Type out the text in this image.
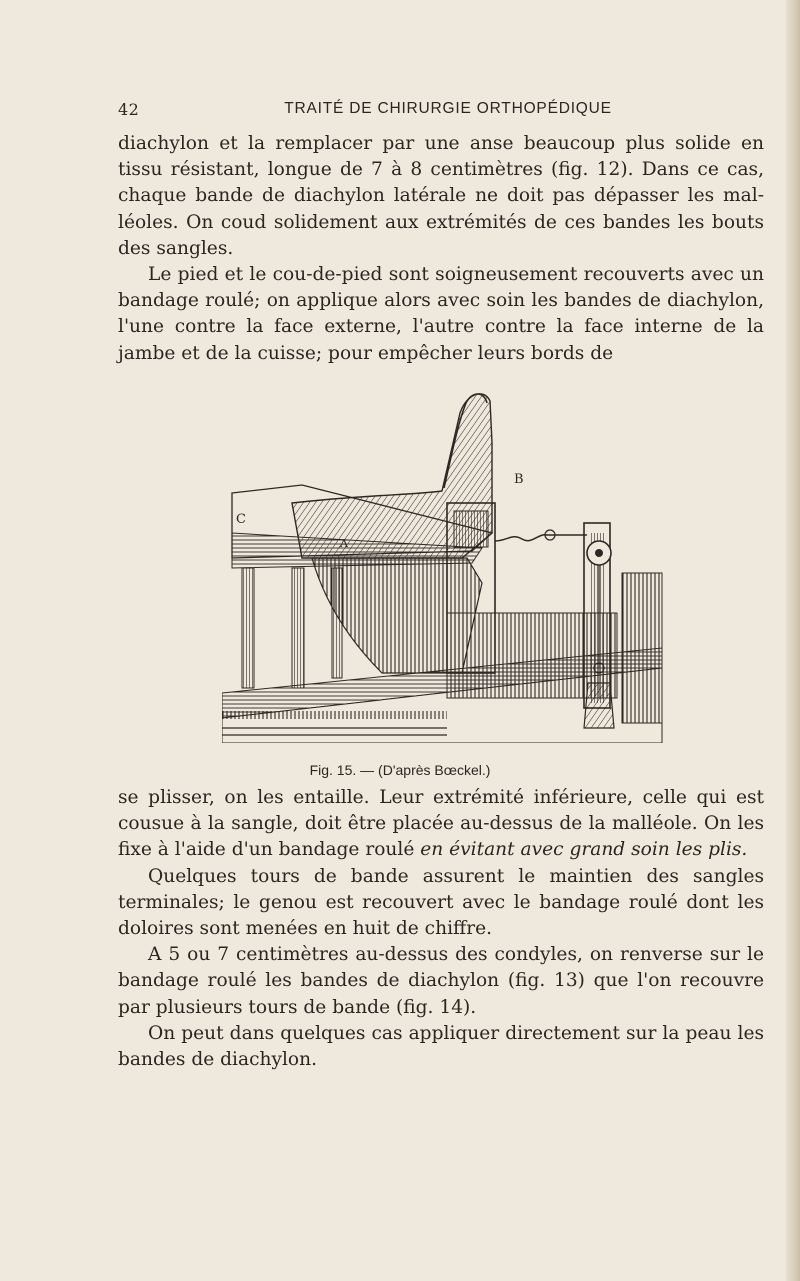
42	TRAITÉ DE CHIRURGIE ORTHOPÉDIQUE

diachylon et la remplacer par une anse beaucoup plus solide en tissu résistant, longue de 7 à 8 centimètres (fig. 12). Dans ce cas, chaque bande de diachylon latérale ne doit pas dépasser les mal-léoles. On coud solidement aux extrémités de ces bandes les bouts des sangles.

Le pied et le cou-de-pied sont soigneusement recouverts avec un bandage roulé; on applique alors avec soin les bandes de diachylon, l'une contre la face externe, l'autre contre la face interne de la jambe et de la cuisse; pour empêcher leurs bords de

C
A
B
Fig. 15. — (D'après Bœckel.)

se plisser, on les entaille. Leur extrémité inférieure, celle qui est cousue à la sangle, doit être placée au-dessus de la malléole. On les fixe à l'aide d'un bandage roulé en évitant avec grand soin les plis.

Quelques tours de bande assurent le maintien des sangles terminales; le genou est recouvert avec le bandage roulé dont les doloires sont menées en huit de chiffre.

A 5 ou 7 centimètres au-dessus des condyles, on renverse sur le bandage roulé les bandes de diachylon (fig. 13) que l'on recouvre par plusieurs tours de bande (fig. 14).

On peut dans quelques cas appliquer directement sur la peau les bandes de diachylon.
